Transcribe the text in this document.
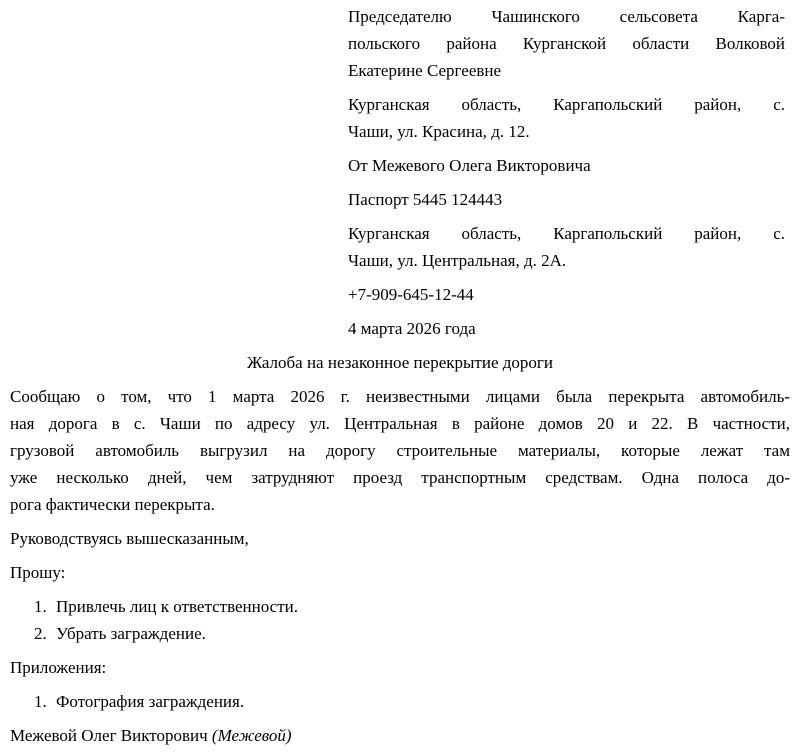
Председателю Чашинского сельсовета Карга-
польского района Курганской области Волковой
Екатерине Сергеевне

Курганская область, Каргапольский район, с.
Чаши, ул. Красина, д. 12.

От Межевого Олега Викторовича

Паспорт 5445 124443

Курганская область, Каргапольский район, с.
Чаши, ул. Центральная, д. 2А.

+7-909-645-12-44

4 марта 2026 года

Жалоба на незаконное перекрытие дороги

Сообщаю о том, что 1 марта 2026 г. неизвестными лицами была перекрыта автомобиль-
ная дорога в с. Чаши по адресу ул. Центральная в районе домов 20 и 22. В частности,
грузовой автомобиль выгрузил на дорогу строительные материалы, которые лежат там
уже несколько дней, чем затрудняют проезд транспортным средствам. Одна полоса до-
рога фактически перекрыта.

Руководствуясь вышесказанным,

Прошу:

1. Привлечь лиц к ответственности.
2. Убрать заграждение.

Приложения:

1. Фотография заграждения.

Межевой Олег Викторович (Межевой)
